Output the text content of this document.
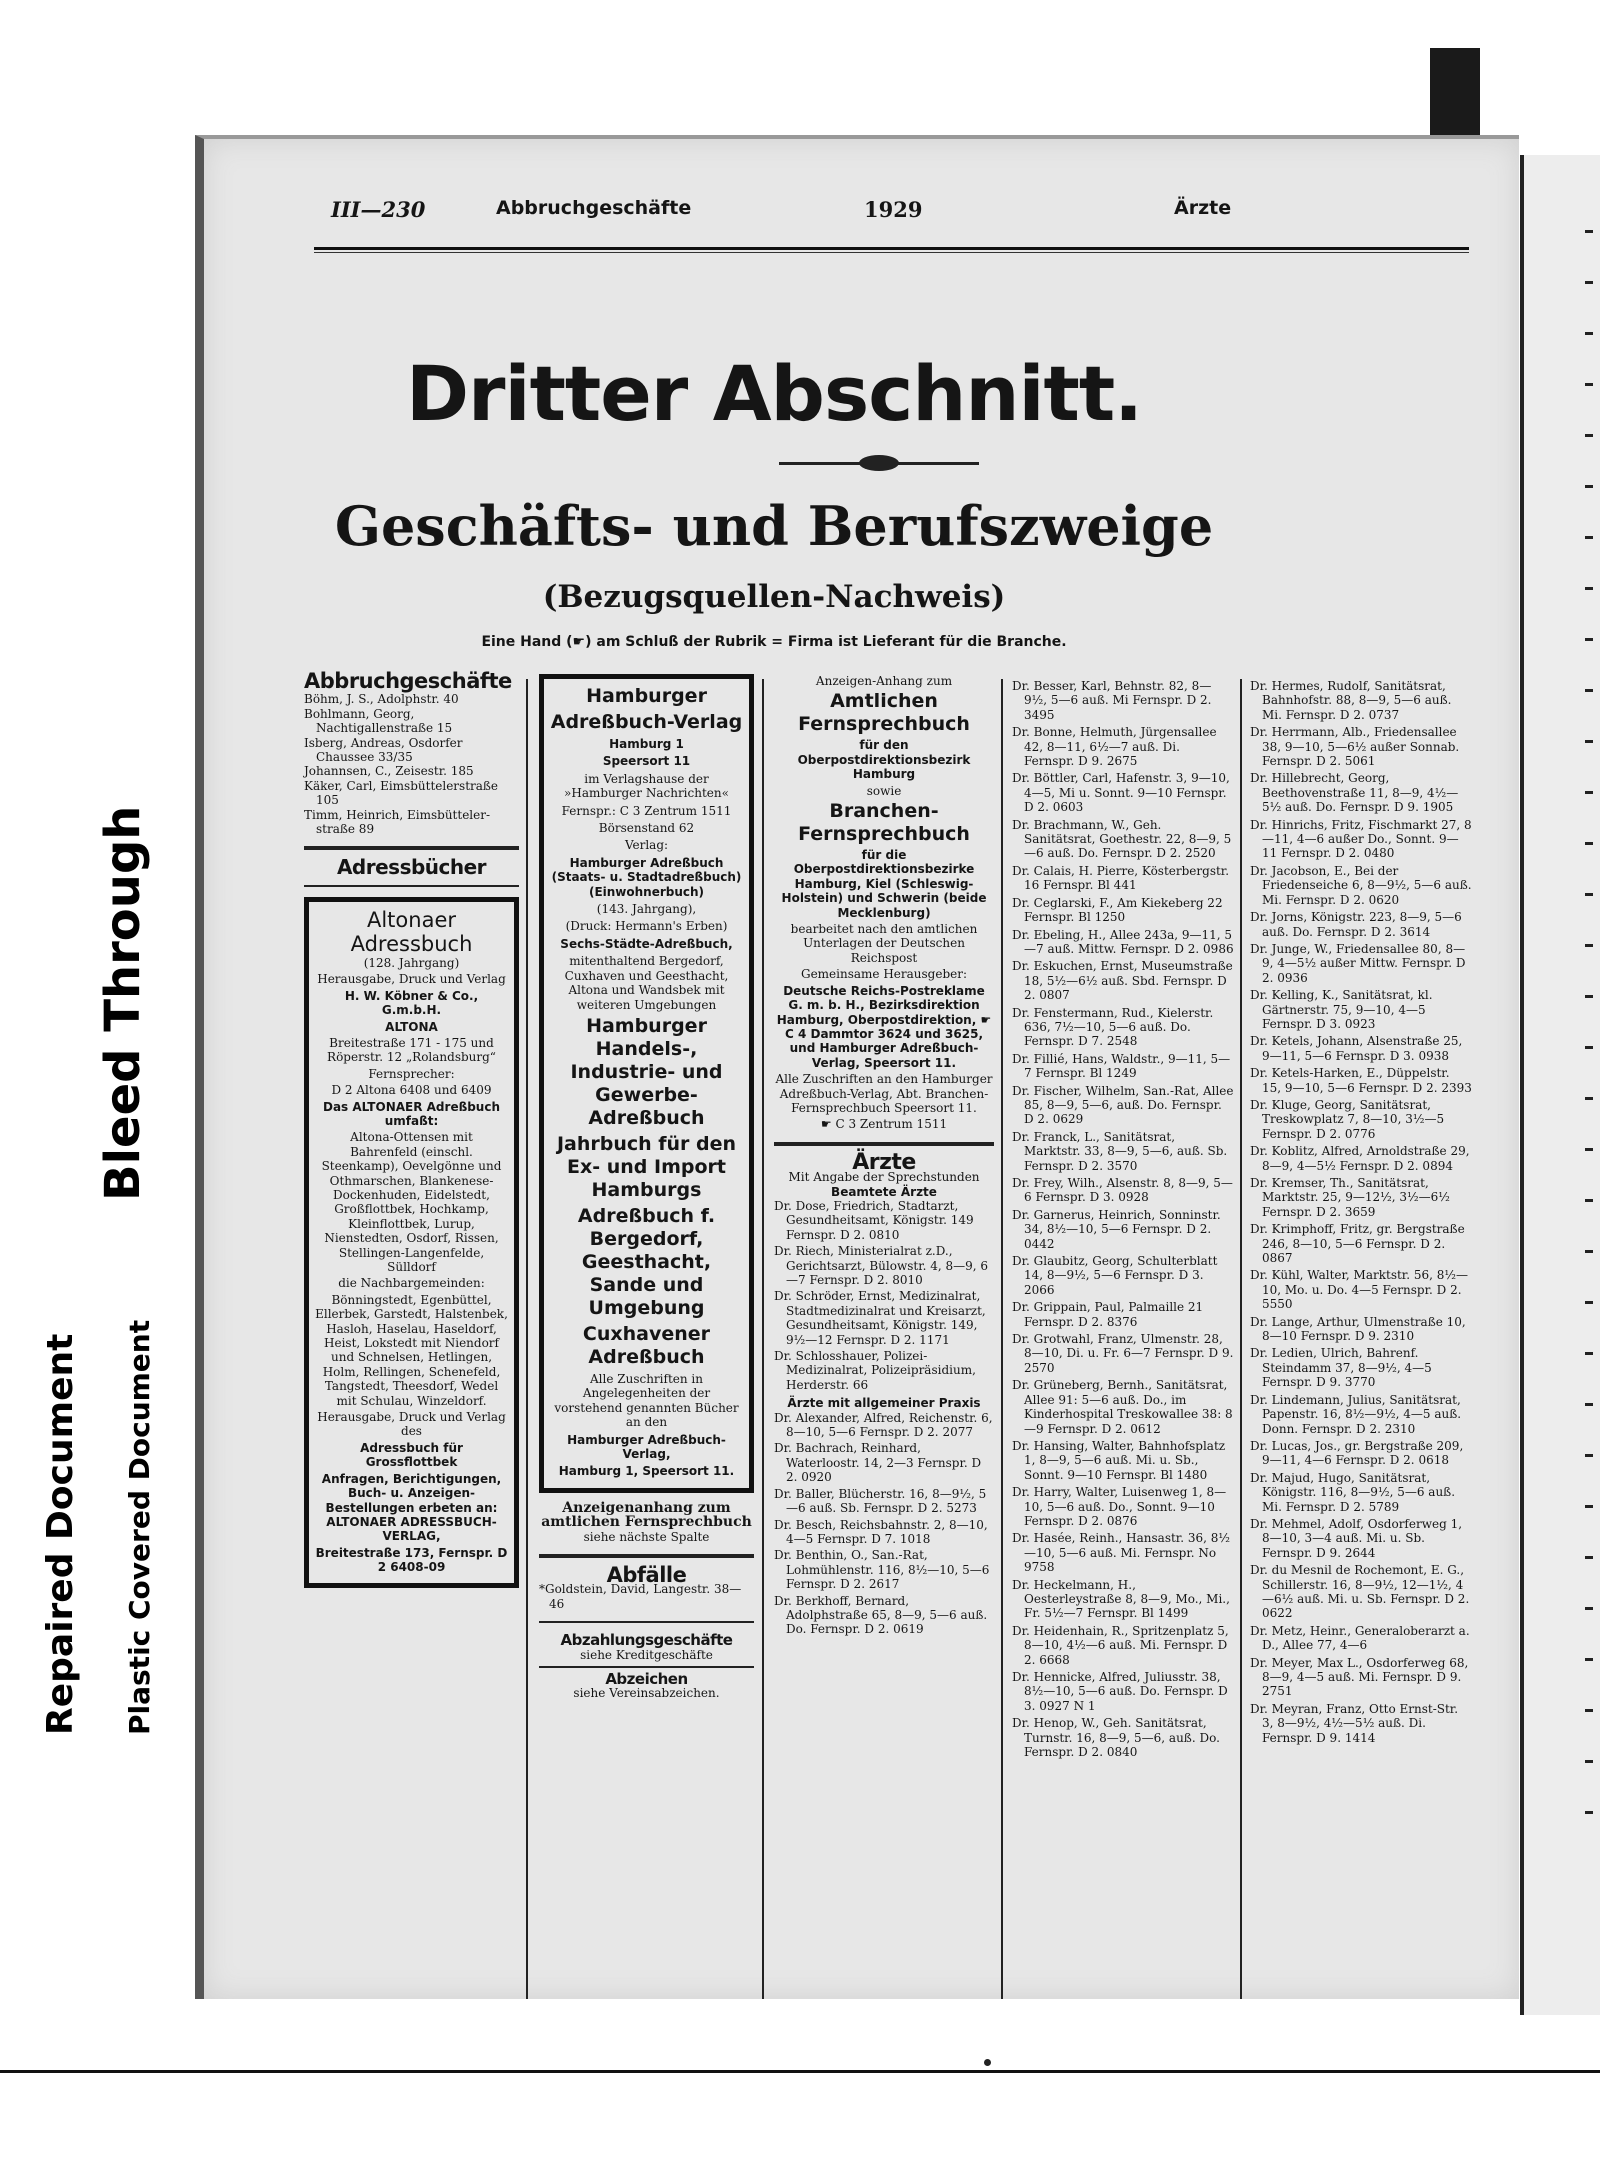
Repaired Document Plastic Covered Document
Bleed Through
III—230	Abbruchgeschäfte	1929	Ärzte
Dritter Abschnitt.
Geschäfts- und Berufszweige
(Bezugsquellen-Nachweis)
Eine Hand (☛) am Schluß der Rubrik = Firma ist Lieferant für die Branche.
Abbruchgeschäfte

Böhm, J. S., Adolphstr. 40

Bohlmann, Georg, Nachtigallenstraße 15

Isberg, Andreas, Osdorfer Chaussee 33/35

Johannsen, C., Zeisestr. 185

Käker, Carl, Eimsbüttelerstraße 105

Timm, Heinrich, Eimsbüttelerstraße 89

Adressbücher
Altonaer Adressbuch

(128. Jahrgang)

Herausgabe, Druck und Verlag

H. W. Köbner & Co., G.m.b.H.

ALTONA

Breitestraße 171 - 175 und Röperstr. 12 „Rolandsburg“

Fernsprecher:

D 2 Altona 6408 und 6409

Das ALTONAER Adreßbuch umfaßt:

Altona-Ottensen mit Bahrenfeld (einschl. Steenkamp), Oevelgönne und Othmarschen, Blankenese-Dockenhuden, Eidelstedt, Großflottbek, Hochkamp, Kleinflottbek, Lurup, Nienstedten, Osdorf, Rissen, Stellingen-Langenfelde, Sülldorf

die Nachbargemeinden:

Bönningstedt, Egenbüttel, Ellerbek, Garstedt, Halstenbek, Hasloh, Haselau, Haseldorf, Heist, Lokstedt mit Niendorf und Schnelsen, Hetlingen, Holm, Rellingen, Schenefeld, Tangstedt, Theesdorf, Wedel mit Schulau, Winzeldorf.

Herausgabe, Druck und Verlag des

Adressbuch für Grossflottbek

Anfragen, Berichtigungen, Buch- u. Anzeigen-Bestellungen erbeten an: ALTONAER ADRESSBUCH-VERLAG,

Breitestraße 173, Fernspr. D 2 6408-09

Hamburger

Adreßbuch-Verlag

Hamburg 1

Speersort 11

im Verlagshause der »Hamburger Nachrichten«

Fernspr.: C 3 Zentrum 1511

Börsenstand 62

Verlag:

Hamburger Adreßbuch (Staats- u. Stadtadreßbuch) (Einwohnerbuch)

(143. Jahrgang),

(Druck: Hermann's Erben)

Sechs-Städte-Adreßbuch,

mitenthaltend Bergedorf, Cuxhaven und Geesthacht, Altona und Wandsbek mit weiteren Umgebungen

Hamburger Handels-, Industrie- und Gewerbe-Adreßbuch

Jahrbuch für den Ex- und Import Hamburgs

Adreßbuch f. Bergedorf, Geesthacht, Sande und Umgebung

Cuxhavener Adreßbuch

Alle Zuschriften in Angelegenheiten der vorstehend genannten Bücher an den

Hamburger Adreßbuch-Verlag,

Hamburg 1, Speersort 11.

Anzeigenanhang zum amtlichen Fernsprechbuch
siehe nächste Spalte
Abfälle

*Goldstein, David, Langestr. 38—46

Abzahlungsgeschäfte
siehe Kreditgeschäfte
Abzeichen
siehe Vereinsabzeichen.

Anzeigen-Anhang zum

Amtlichen Fernsprechbuch

für den Oberpostdirektionsbezirk Hamburg

sowie

Branchen-Fernsprechbuch

für die Oberpostdirektionsbezirke Hamburg, Kiel (Schleswig-Holstein) und Schwerin (beide Mecklenburg)

bearbeitet nach den amtlichen Unterlagen der Deutschen Reichspost

Gemeinsame Herausgeber:

Deutsche Reichs-Postreklame G. m. b. H., Bezirksdirektion Hamburg, Oberpostdirektion, ☛ C 4 Dammtor 3624 und 3625, und Hamburger Adreßbuch-Verlag, Speersort 11.

Alle Zuschriften an den Hamburger Adreßbuch-Verlag, Abt. Branchen-Fernsprechbuch Speersort 11.

☛ C 3 Zentrum 1511

Ärzte
Mit Angabe der Sprechstunden
Beamtete Ärzte

Dr. Dose, Friedrich, Stadtarzt, Gesundheitsamt, Königstr. 149 Fernspr. D 2. 0810

Dr. Riech, Ministerialrat z.D., Gerichtsarzt, Bülowstr. 4, 8—9, 6—7 Fernspr. D 2. 8010

Dr. Schröder, Ernst, Medizinalrat, Stadtmedizinalrat und Kreisarzt, Gesundheitsamt, Königstr. 149, 9½—12 Fernspr. D 2. 1171

Dr. Schlosshauer, Polizei-Medizinalrat, Polizeipräsidium, Herderstr. 66

Ärzte mit allgemeiner Praxis

Dr. Alexander, Alfred, Reichenstr. 6, 8—10, 5—6 Fernspr. D 2. 2077

Dr. Bachrach, Reinhard, Waterloostr. 14, 2—3 Fernspr. D 2. 0920

Dr. Baller, Blücherstr. 16, 8—9½, 5—6 auß. Sb. Fernspr. D 2. 5273

Dr. Besch, Reichsbahnstr. 2, 8—10, 4—5 Fernspr. D 7. 1018

Dr. Benthin, O., San.-Rat, Lohmühlenstr. 116, 8½—10, 5—6 Fernspr. D 2. 2617

Dr. Berkhoff, Bernard, Adolphstraße 65, 8—9, 5—6 auß. Do. Fernspr. D 2. 0619

Dr. Besser, Karl, Behnstr. 82, 8—9½, 5—6 auß. Mi Fernspr. D 2. 3495

Dr. Bonne, Helmuth, Jürgensallee 42, 8—11, 6½—7 auß. Di. Fernspr. D 9. 2675

Dr. Böttler, Carl, Hafenstr. 3, 9—10, 4—5, Mi u. Sonnt. 9—10 Fernspr. D 2. 0603

Dr. Brachmann, W., Geh. Sanitätsrat, Goethestr. 22, 8—9, 5—6 auß. Do. Fernspr. D 2. 2520

Dr. Calais, H. Pierre, Kösterbergstr. 16 Fernspr. Bl 441

Dr. Ceglarski, F., Am Kiekeberg 22 Fernspr. Bl 1250

Dr. Ebeling, H., Allee 243a, 9—11, 5—7 auß. Mittw. Fernspr. D 2. 0986

Dr. Eskuchen, Ernst, Museumstraße 18, 5½—6½ auß. Sbd. Fernspr. D 2. 0807

Dr. Fenstermann, Rud., Kielerstr. 636, 7½—10, 5—6 auß. Do. Fernspr. D 7. 2548

Dr. Fillié, Hans, Waldstr., 9—11, 5—7 Fernspr. Bl 1249

Dr. Fischer, Wilhelm, San.-Rat, Allee 85, 8—9, 5—6, auß. Do. Fernspr. D 2. 0629

Dr. Franck, L., Sanitätsrat, Marktstr. 33, 8—9, 5—6, auß. Sb. Fernspr. D 2. 3570

Dr. Frey, Wilh., Alsenstr. 8, 8—9, 5—6 Fernspr. D 3. 0928

Dr. Garnerus, Heinrich, Sonninstr. 34, 8½—10, 5—6 Fernspr. D 2. 0442

Dr. Glaubitz, Georg, Schulterblatt 14, 8—9½, 5—6 Fernspr. D 3. 2066

Dr. Grippain, Paul, Palmaille 21 Fernspr. D 2. 8376

Dr. Grotwahl, Franz, Ulmenstr. 28, 8—10, Di. u. Fr. 6—7 Fernspr. D 9. 2570

Dr. Grüneberg, Bernh., Sanitätsrat, Allee 91: 5—6 auß. Do., im Kinderhospital Treskowallee 38: 8—9 Fernspr. D 2. 0612

Dr. Hansing, Walter, Bahnhofsplatz 1, 8—9, 5—6 auß. Mi. u. Sb., Sonnt. 9—10 Fernspr. Bl 1480

Dr. Harry, Walter, Luisenweg 1, 8—10, 5—6 auß. Do., Sonnt. 9—10 Fernspr. D 2. 0876

Dr. Hasée, Reinh., Hansastr. 36, 8½—10, 5—6 auß. Mi. Fernspr. No 9758

Dr. Heckelmann, H., Oesterleystraße 8, 8—9, Mo., Mi., Fr. 5½—7 Fernspr. Bl 1499

Dr. Heidenhain, R., Spritzenplatz 5, 8—10, 4½—6 auß. Mi. Fernspr. D 2. 6668

Dr. Hennicke, Alfred, Juliusstr. 38, 8½—10, 5—6 auß. Do. Fernspr. D 3. 0927 N 1

Dr. Henop, W., Geh. Sanitätsrat, Turnstr. 16, 8—9, 5—6, auß. Do. Fernspr. D 2. 0840

Dr. Hermes, Rudolf, Sanitätsrat, Bahnhofstr. 88, 8—9, 5—6 auß. Mi. Fernspr. D 2. 0737

Dr. Herrmann, Alb., Friedensallee 38, 9—10, 5—6½ außer Sonnab. Fernspr. D 2. 5061

Dr. Hillebrecht, Georg, Beethovenstraße 11, 8—9, 4½—5½ auß. Do. Fernspr. D 9. 1905

Dr. Hinrichs, Fritz, Fischmarkt 27, 8—11, 4—6 außer Do., Sonnt. 9—11 Fernspr. D 2. 0480

Dr. Jacobson, E., Bei der Friedenseiche 6, 8—9½, 5—6 auß. Mi. Fernspr. D 2. 0620

Dr. Jorns, Königstr. 223, 8—9, 5—6 auß. Do. Fernspr. D 2. 3614

Dr. Junge, W., Friedensallee 80, 8—9, 4—5½ außer Mittw. Fernspr. D 2. 0936

Dr. Kelling, K., Sanitätsrat, kl. Gärtnerstr. 75, 9—10, 4—5 Fernspr. D 3. 0923

Dr. Ketels, Johann, Alsenstraße 25, 9—11, 5—6 Fernspr. D 3. 0938

Dr. Ketels-Harken, E., Düppelstr. 15, 9—10, 5—6 Fernspr. D 2. 2393

Dr. Kluge, Georg, Sanitätsrat, Treskowplatz 7, 8—10, 3½—5 Fernspr. D 2. 0776

Dr. Koblitz, Alfred, Arnoldstraße 29, 8—9, 4—5½ Fernspr. D 2. 0894

Dr. Kremser, Th., Sanitätsrat, Marktstr. 25, 9—12½, 3½—6½ Fernspr. D 2. 3659

Dr. Krimphoff, Fritz, gr. Bergstraße 246, 8—10, 5—6 Fernspr. D 2. 0867

Dr. Kühl, Walter, Marktstr. 56, 8½—10, Mo. u. Do. 4—5 Fernspr. D 2. 5550

Dr. Lange, Arthur, Ulmenstraße 10, 8—10 Fernspr. D 9. 2310

Dr. Ledien, Ulrich, Bahrenf. Steindamm 37, 8—9½, 4—5 Fernspr. D 9. 3770

Dr. Lindemann, Julius, Sanitätsrat, Papenstr. 16, 8½—9½, 4—5 auß. Donn. Fernspr. D 2. 2310

Dr. Lucas, Jos., gr. Bergstraße 209, 9—11, 4—6 Fernspr. D 2. 0618

Dr. Majud, Hugo, Sanitätsrat, Königstr. 116, 8—9½, 5—6 auß. Mi. Fernspr. D 2. 5789

Dr. Mehmel, Adolf, Osdorferweg 1, 8—10, 3—4 auß. Mi. u. Sb. Fernspr. D 9. 2644

Dr. du Mesnil de Rochemont, E. G., Schillerstr. 16, 8—9½, 12—1½, 4—6½ auß. Mi. u. Sb. Fernspr. D 2. 0622

Dr. Metz, Heinr., Generaloberarzt a. D., Allee 77, 4—6

Dr. Meyer, Max L., Osdorferweg 68, 8—9, 4—5 auß. Mi. Fernspr. D 9. 2751

Dr. Meyran, Franz, Otto Ernst-Str. 3, 8—9½, 4½—5½ auß. Di. Fernspr. D 9. 1414
